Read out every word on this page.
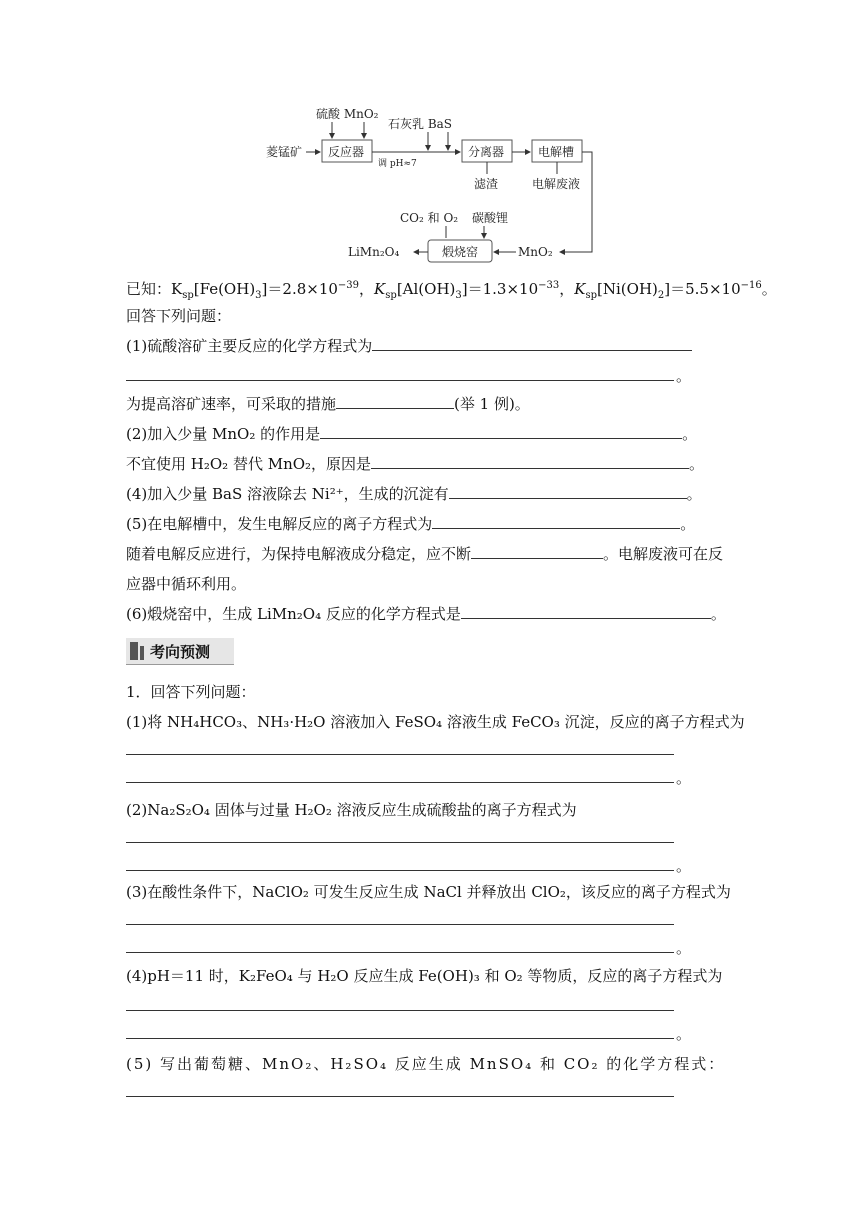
菱锰矿 反应器
硫酸 MnO₂
石灰乳 BaS
调 pH≈7
分离器	电解槽
滤渣	电解废液
MnO₂
煅烧窑
CO₂ 和 O₂ 碳酸锂
LiMn₂O₄
已知：$K_{sp}[Fe(OH)_3]=2.8\times 10^{-39}$，$K_{sp}[Al(OH)_3]=1.3\times 10^{-33}$，$K_{sp}[Ni(OH)_2]=5.5\times 10^{-16}$。
回答下列问题：
(1)硫酸溶矿主要反应的化学方程式为
。
为提高溶矿速率，可采取的措施	(举 1 例)。
(2)加入少量 MnO₂ 的作用是	。
不宜使用 H₂O₂ 替代 MnO₂，原因是	。
(4)加入少量 BaS 溶液除去 Ni²⁺，生成的沉淀有	。
(5)在电解槽中，发生电解反应的离子方程式为	。
随着电解反应进行，为保持电解液成分稳定，应不断	。电解废液可在反
应器中循环利用。
(6)煅烧窑中，生成 LiMn₂O₄ 反应的化学方程式是	。
考向预测
1．回答下列问题：
(1)将 NH₄HCO₃、NH₃·H₂O 溶液加入 FeSO₄ 溶液生成 FeCO₃ 沉淀，反应的离子方程式为
。
(2)Na₂S₂O₄ 固体与过量 H₂O₂ 溶液反应生成硫酸盐的离子方程式为
。
(3)在酸性条件下，NaClO₂ 可发生反应生成 NaCl 并释放出 ClO₂，该反应的离子方程式为
。
(4)pH＝11 时，K₂FeO₄ 与 H₂O 反应生成 Fe(OH)₃ 和 O₂ 等物质，反应的离子方程式为
。
(5) 写出葡萄糖、MnO₂、H₂SO₄ 反应生成 MnSO₄ 和 CO₂ 的化学方程式：
